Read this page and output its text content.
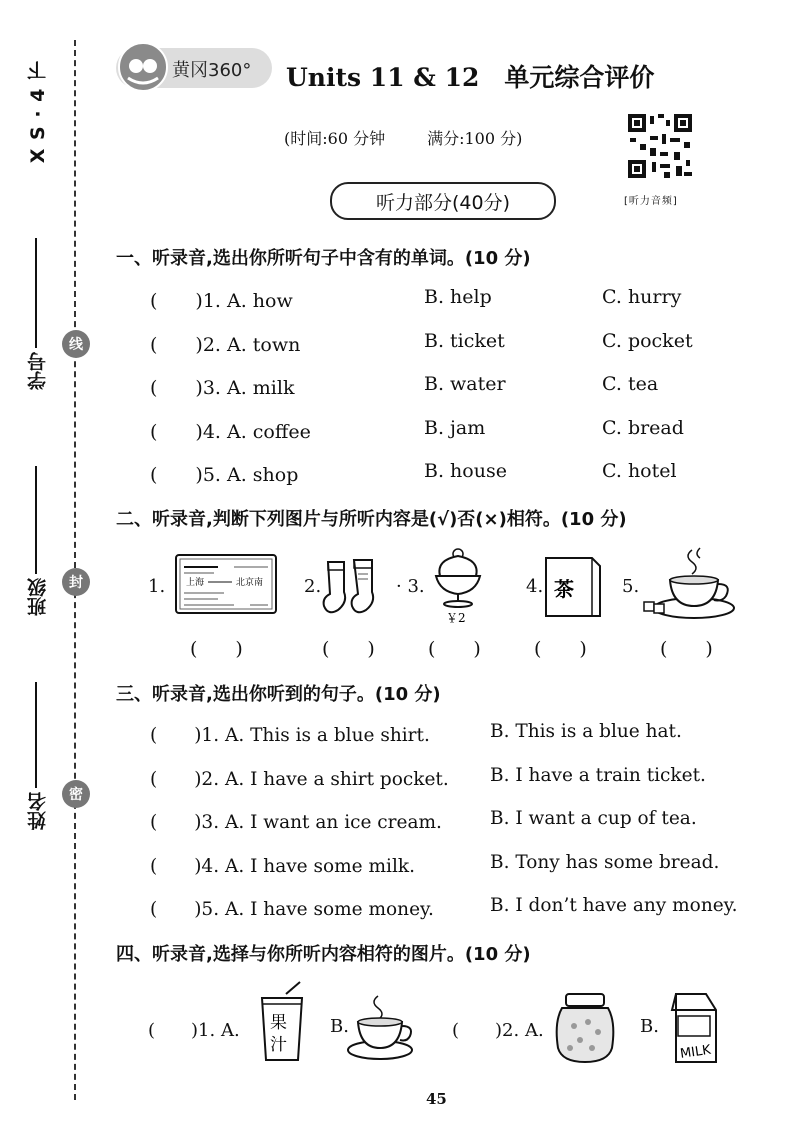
X S · 4 下
线
封
密
学号
班级
姓名
黄冈360° Units 11 & 12　单元综合评价
(时间:60 分钟	满分:100 分)
[听力音频]
听力部分(40分)
一、听录音,选出你所听句子中含有的单词。(10 分)
(　　)1. A. how	B. help	C. hurry
(　　)2. A. town	B. ticket	C. pocket
(　　)3. A. milk	B. water	C. tea
(　　)4. A. coffee	B. jam	C. bread
(　　)5. A. shop	B. house	C. hotel
二、听录音,判断下列图片与所听内容是(√)否(×)相符。(10 分)
1. 上海	北京南 2.	· 3.
￥2
4. 茶	5.
(　　)	(　　)	(　　)	(　　)	(　　)
三、听录音,选出你听到的句子。(10 分)
(　　)1. A. This is a blue shirt.	B. This is a blue hat.
(　　)2. A. I have a shirt pocket. B. I have a train ticket.
(　　)3. A. I want an ice cream.	B. I want a cup of tea.
(　　)4. A. I have some milk.	B. Tony has some bread.
(　　)5. A. I have some money.	B. I don’t have any money.
四、听录音,选择与你所听内容相符的图片。(10 分)
(　　)1. A. 果
汁
B.	(　　)2. A.	B.
MILK
45
